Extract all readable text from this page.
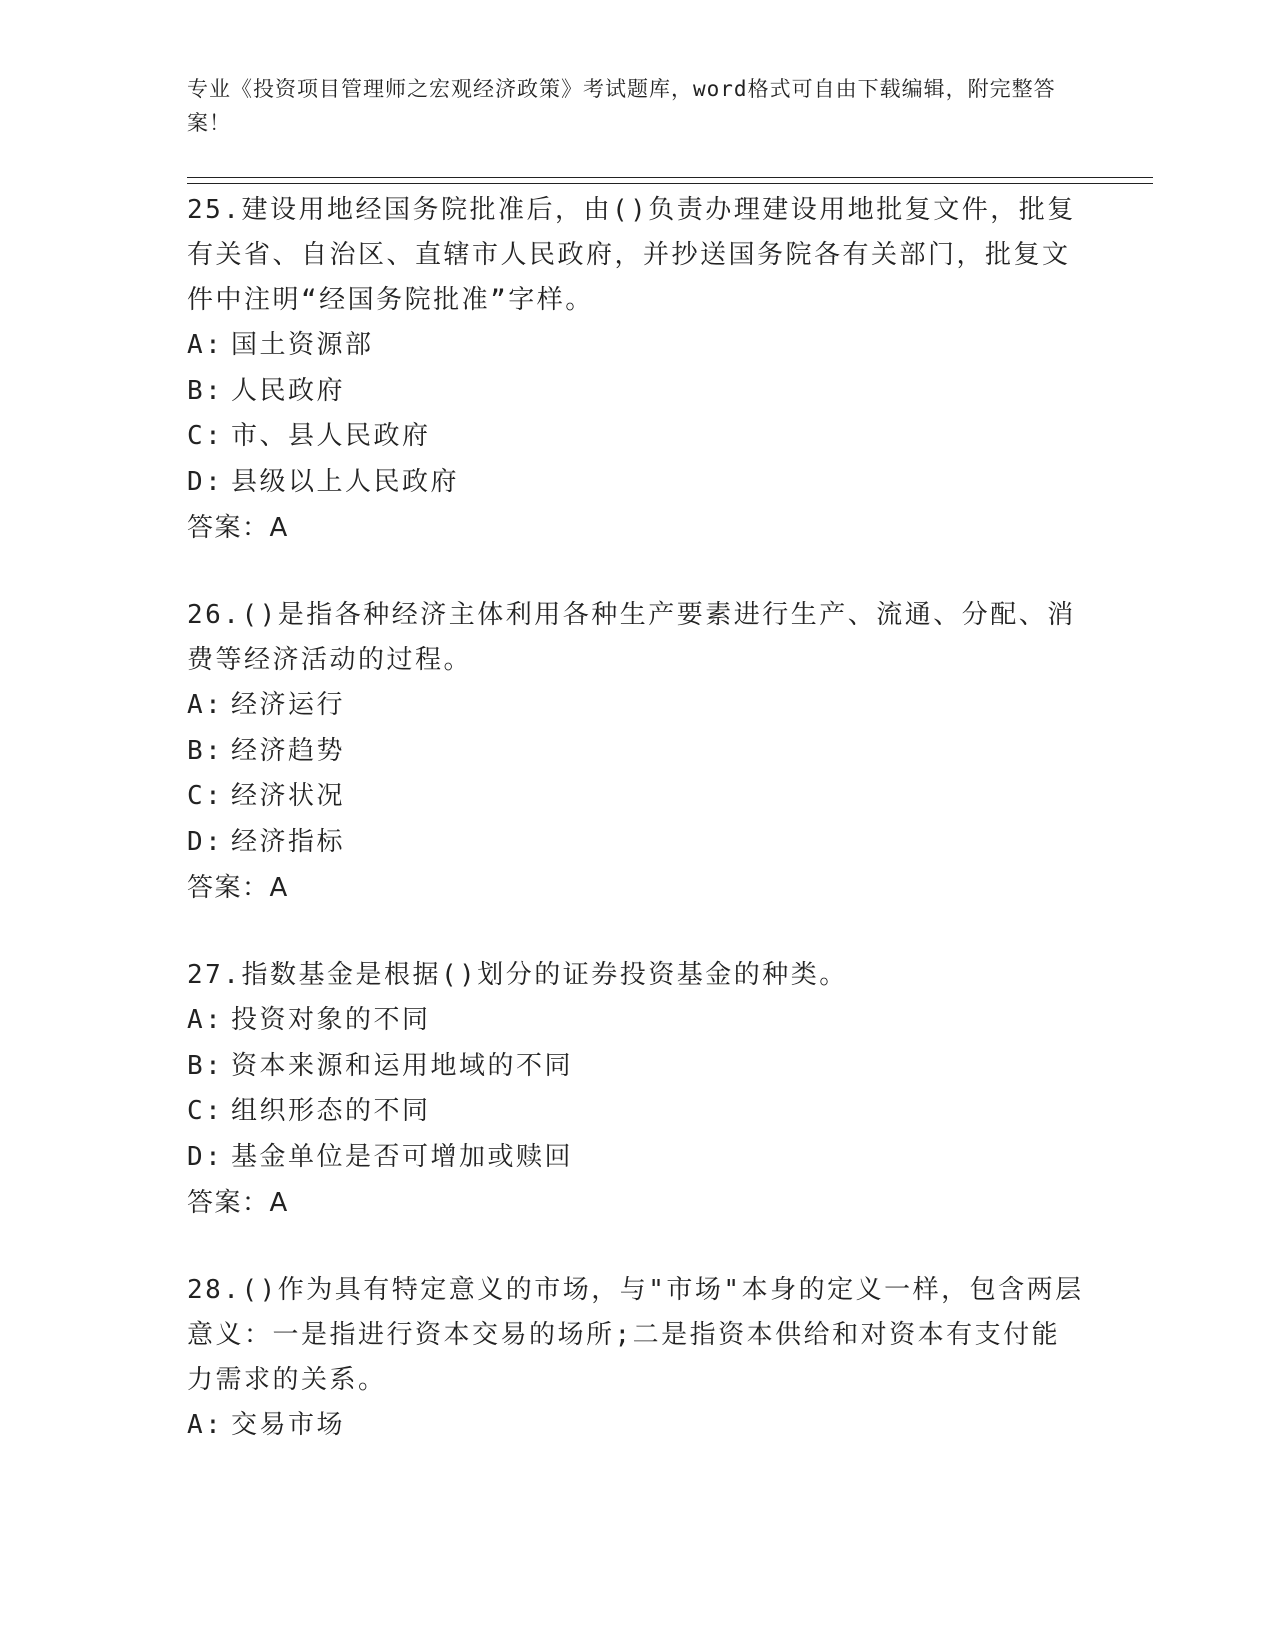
专业《投资项目管理师之宏观经济政策》考试题库，word格式可自由下载编辑，附完整答案！
25.建设用地经国务院批准后，由()负责办理建设用地批复文件，批复有关省、自治区、直辖市人民政府，并抄送国务院各有关部门，批复文件中注明“经国务院批准”字样。
A: 国土资源部
B: 人民政府
C: 市、县人民政府
D: 县级以上人民政府
答案：A
26.()是指各种经济主体利用各种生产要素进行生产、流通、分配、消费等经济活动的过程。
A: 经济运行
B: 经济趋势
C: 经济状况
D: 经济指标
答案：A
27.指数基金是根据()划分的证券投资基金的种类。
A: 投资对象的不同
B: 资本来源和运用地域的不同
C: 组织形态的不同
D: 基金单位是否可增加或赎回
答案：A
28.()作为具有特定意义的市场，与"市场"本身的定义一样，包含两层意义：一是指进行资本交易的场所;二是指资本供给和对资本有支付能力需求的关系。
A: 交易市场
